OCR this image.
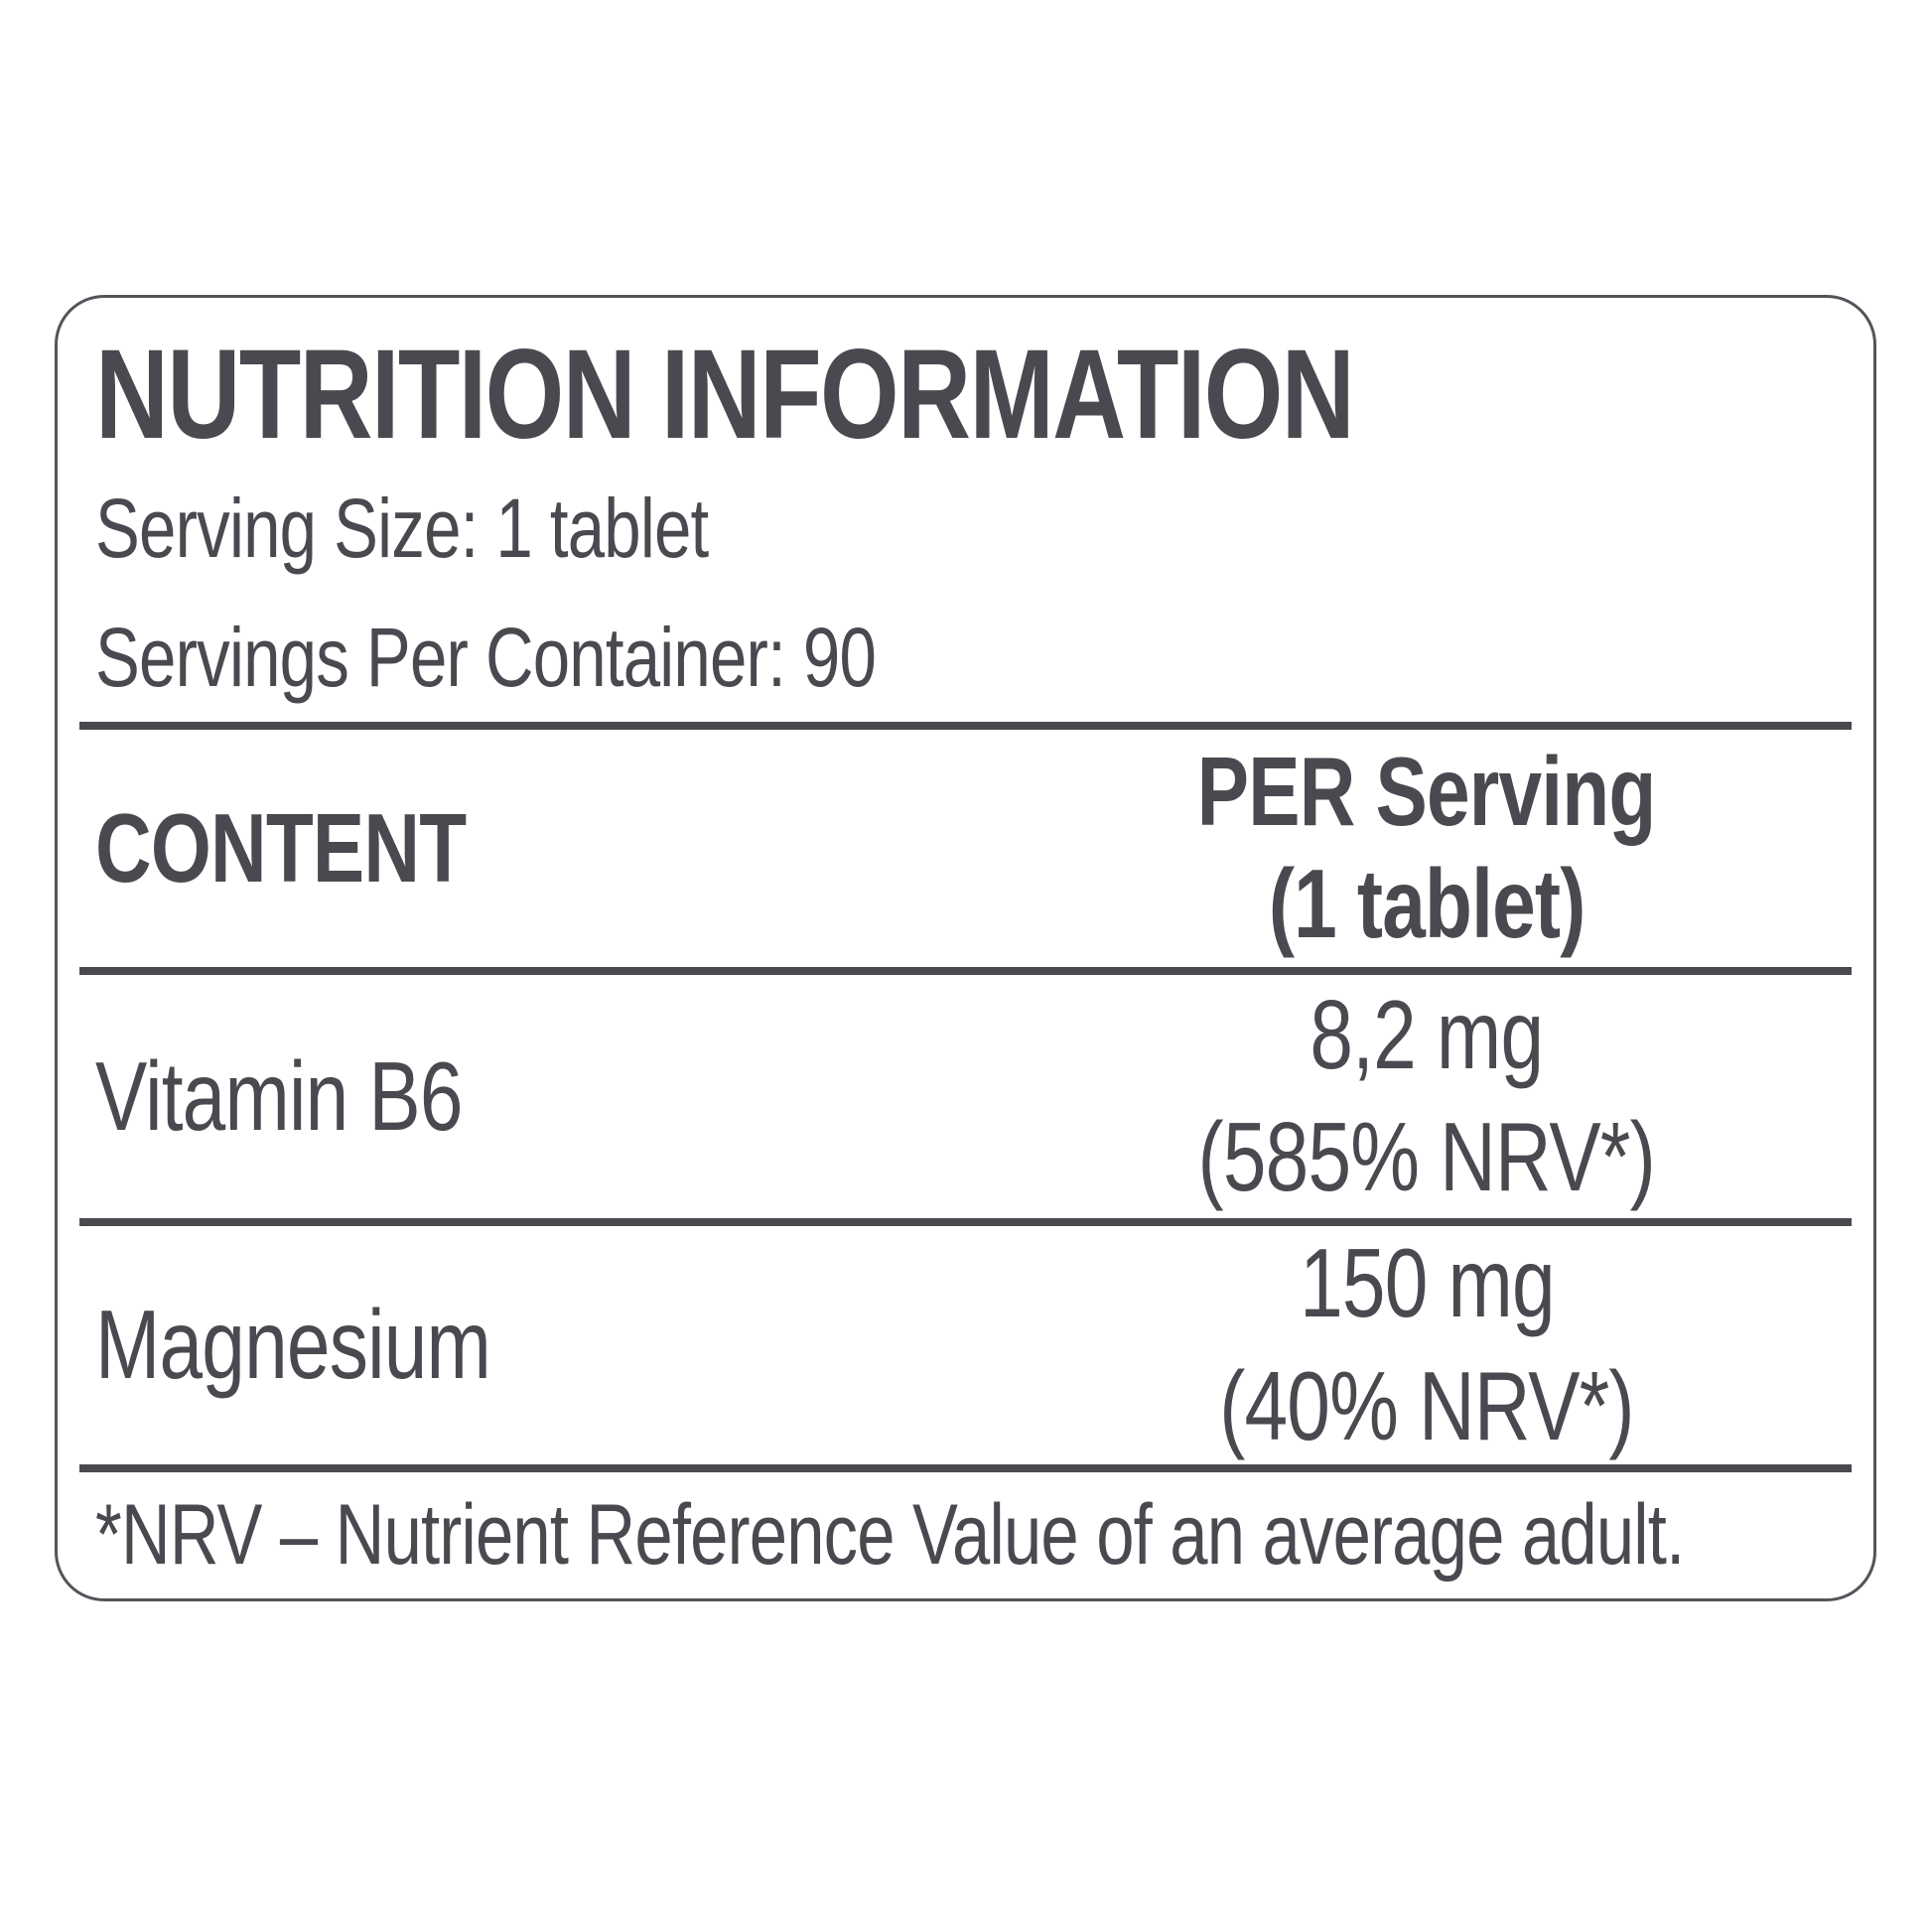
NUTRITION INFORMATION
Serving Size: 1 tablet
Servings Per Container: 90
CONTENT
PER Serving
(1 tablet)
Vitamin B6
8,2 mg
(585% NRV*)
Magnesium
150 mg
(40% NRV*)
*NRV – Nutrient Reference Value of an average adult.
